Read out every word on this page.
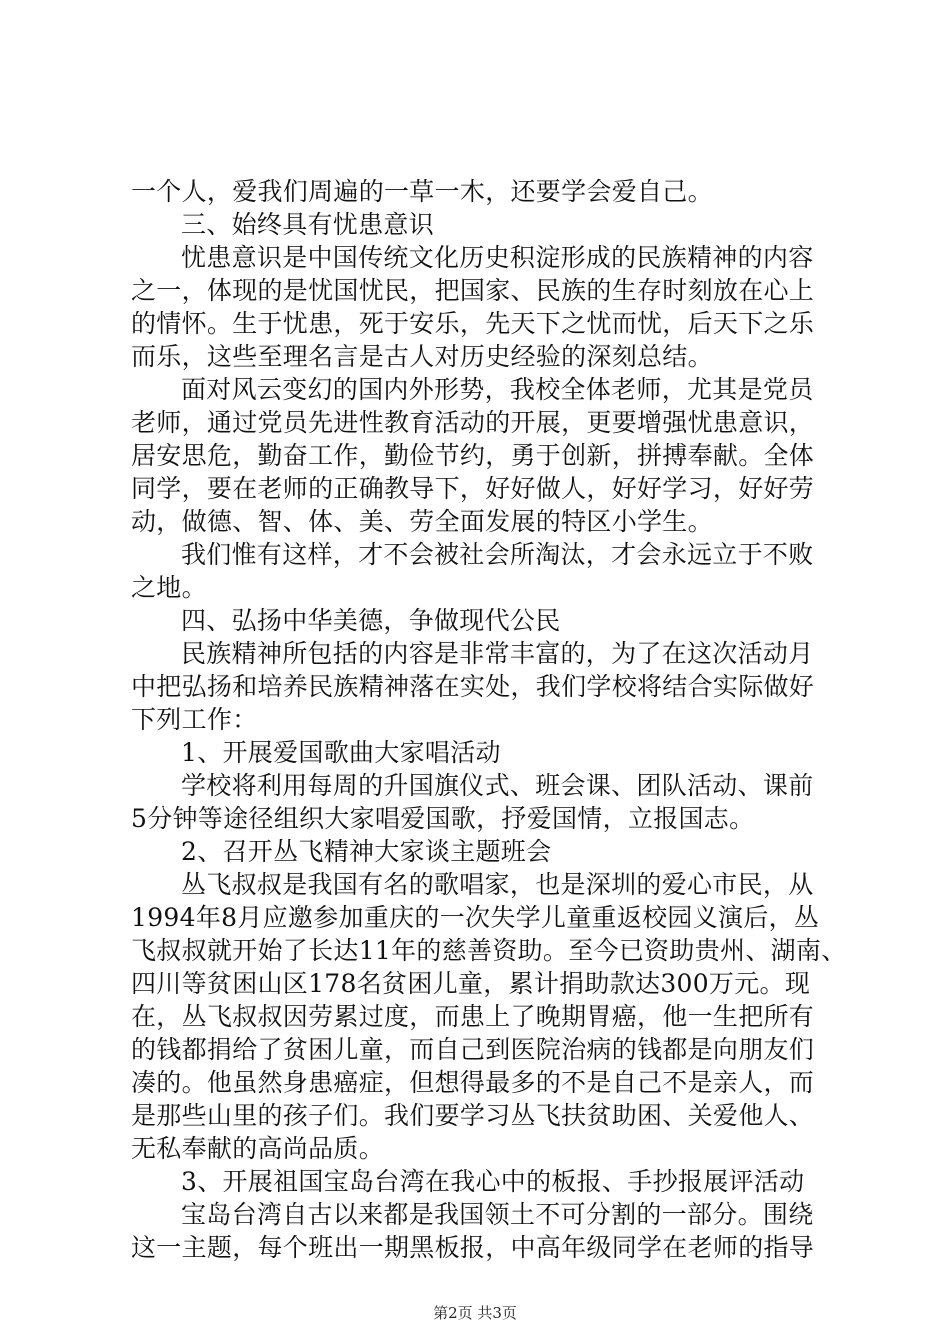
一个人，爱我们周遍的一草一木，还要学会爱自己。
三、始终具有忧患意识
忧患意识是中国传统文化历史积淀形成的民族精神的内容
之一，体现的是忧国忧民，把国家、民族的生存时刻放在心上
的情怀。生于忧患，死于安乐，先天下之忧而忧，后天下之乐
而乐，这些至理名言是古人对历史经验的深刻总结。
面对风云变幻的国内外形势，我校全体老师，尤其是党员
老师，通过党员先进性教育活动的开展，更要增强忧患意识，
居安思危，勤奋工作，勤俭节约，勇于创新，拼搏奉献。全体
同学，要在老师的正确教导下，好好做人，好好学习，好好劳
动，做德、智、体、美、劳全面发展的特区小学生。
我们惟有这样，才不会被社会所淘汰，才会永远立于不败
之地。
四、弘扬中华美德，争做现代公民
民族精神所包括的内容是非常丰富的，为了在这次活动月
中把弘扬和培养民族精神落在实处，我们学校将结合实际做好
下列工作：
1、开展爱国歌曲大家唱活动
学校将利用每周的升国旗仪式、班会课、团队活动、课前
5分钟等途径组织大家唱爱国歌，抒爱国情，立报国志。
2、召开丛飞精神大家谈主题班会
丛飞叔叔是我国有名的歌唱家，也是深圳的爱心市民，从
1994年8月应邀参加重庆的一次失学儿童重返校园义演后，丛
飞叔叔就开始了长达11年的慈善资助。至今已资助贵州、湖南、
四川等贫困山区178名贫困儿童，累计捐助款达300万元。现
在，丛飞叔叔因劳累过度，而患上了晚期胃癌，他一生把所有
的钱都捐给了贫困儿童，而自己到医院治病的钱都是向朋友们
凑的。他虽然身患癌症，但想得最多的不是自己不是亲人，而
是那些山里的孩子们。我们要学习丛飞扶贫助困、关爱他人、
无私奉献的高尚品质。
3、开展祖国宝岛台湾在我心中的板报、手抄报展评活动
宝岛台湾自古以来都是我国领土不可分割的一部分。围绕
这一主题，每个班出一期黑板报，中高年级同学在老师的指导
第2页 共3页
